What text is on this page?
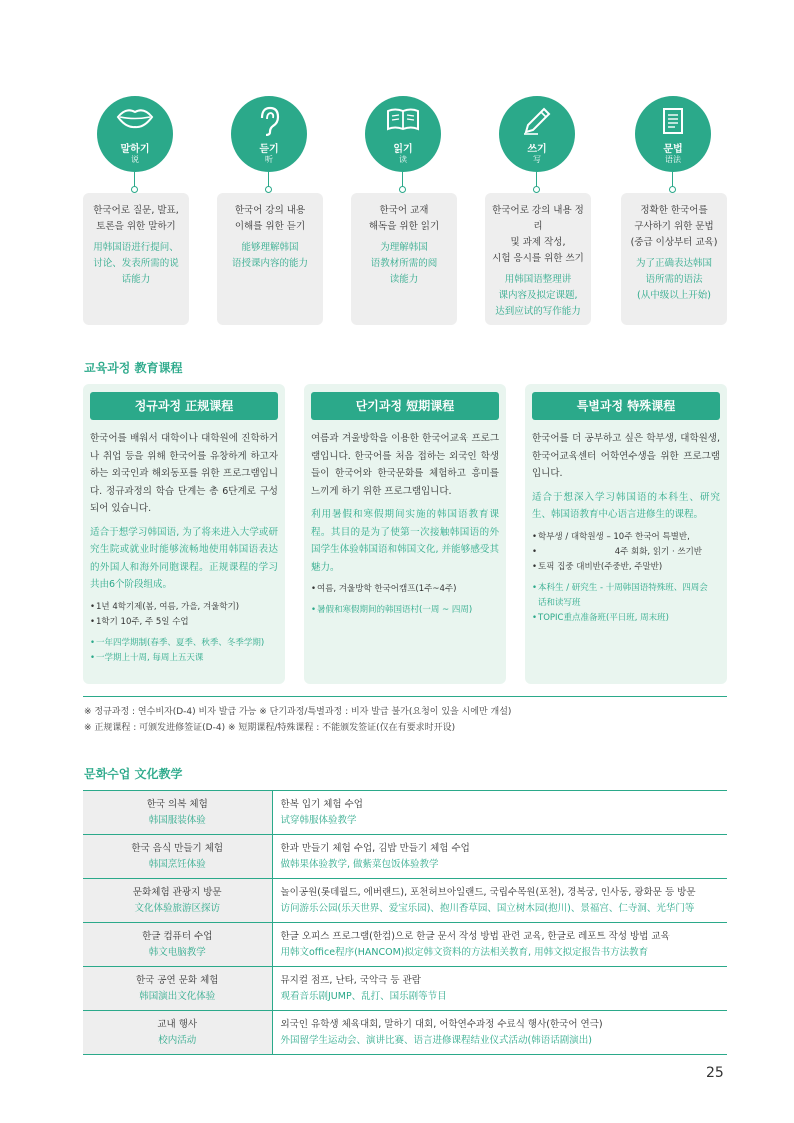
말하기
说
한국어로 질문, 발표,
토론을 위한 말하기
用韩国语进行提问、
讨论、发表所需的说
话能力
듣기
听
한국어 강의 내용
이해를 위한 듣기
能够理解韩国
语授课内容的能力
읽기
读
한국어 교재
해독을 위한 읽기
为理解韩国
语教材所需的阅
读能力
쓰기
写
한국어로 강의 내용 정리
및 과제 작성,
시험 응시를 위한 쓰기
用韩国语整理讲
课内容及拟定课题,
达到应试的写作能力
문법
语法
정확한 한국어를
구사하기 위한 문법
(중급 이상부터 교육)
为了正确表达韩国
语所需的语法
(从中级以上开始)
교육과정 教育课程
정규과정 正规课程
한국어를 배워서 대학이나 대학원에 진학하거나 취업 등을 위해 한국어를 유창하게 하고자 하는 외국인과 해외동포를 위한 프로그램입니다. 정규과정의 학습 단계는 총 6단계로 구성되어 있습니다.
适合于想学习韩国语, 为了将来进入大学或研究生院或就业时能够流畅地使用韩国语表达的外国人和海外同胞课程。正规课程的学习共由6个阶段组成。
• 1년 4학기제(봄, 여름, 가을, 겨울학기)
• 1학기 10주, 주 5일 수업
• 一年四学期制(春季、夏季、秋季、冬季学期)
• 一学期上十周, 每周上五天课
단기과정 短期课程
여름과 겨울방학을 이용한 한국어교육 프로그램입니다. 한국어를 처음 접하는 외국인 학생들이 한국어와 한국문화를 체험하고 흥미를 느끼게 하기 위한 프로그램입니다.
利用暑假和寒假期间实施的韩国语教育课程。其目的是为了使第一次接触韩国语的外国学生体验韩国语和韩国文化, 并能够感受其魅力。
• 여름, 겨울방학 한국어캠프(1주~4주)
• 暑假和寒假期间的韩国语村(一周 ~ 四周)
특별과정 特殊课程
한국어를 더 공부하고 싶은 학부생, 대학원생, 한국어교육센터 어학연수생을 위한 프로그램입니다.
适合于想深入学习韩国语的本科生、研究生、韩国语教育中心语言进修生的课程。
• 학부생 / 대학원생 – 10주 한국어 특별반,
• 4주 회화, 읽기 · 쓰기반
• 토픽 집중 대비반(주중반, 주말반)
• 本科生 / 研究生 - 十周韩国语特殊班、四周会
话和读写班
• TOPIC重点准备班(平日班, 周末班)
※ 정규과정 : 연수비자(D-4) 비자 발급 가능 ※ 단기과정/특별과정 : 비자 발급 불가(요청이 있을 시에만 개설)
※ 正规课程 : 可颁发进修签证(D-4) ※ 短期课程/特殊课程 : 不能颁发签证(仅在有要求时开设)
문화수업 文化教学
한국 의복 체험
韩国服装体验	한복 입기 체험 수업
试穿韩服体验教学

한국 음식 만들기 체험
韩国烹饪体验	한과 만들기 체험 수업, 김밥 만들기 체험 수업
做韩果体验教学, 做紫菜包饭体验教学

문화체험 관광지 방문
文化体验旅游区探访	놀이공원(롯데월드, 에버랜드), 포천허브아일랜드, 국립수목원(포천), 경복궁, 인사동, 광화문 등 방문
访问游乐公园(乐天世界、爱宝乐园)、抱川香草园、国立树木园(抱川)、景福宫、仁寺洞、光华门等

한글 컴퓨터 수업
韩文电脑教学	한글 오피스 프로그램(한컴)으로 한글 문서 작성 방법 관련 교육, 한글로 레포트 작성 방법 교육
用韩文office程序(HANCOM)拟定韩文资料的方法相关教育, 用韩文拟定报告书方法教育

한국 공연 문화 체험
韩国演出文化体验	뮤지컬 점프, 난타, 국악극 등 관람
观看音乐剧JUMP、乱打、国乐剧等节目

교내 행사
校内活动	외국인 유학생 체육대회, 말하기 대회, 어학연수과정 수료식 행사(한국어 연극)
外国留学生运动会、演讲比赛、语言进修课程结业仪式活动(韩语话剧演出)
25
